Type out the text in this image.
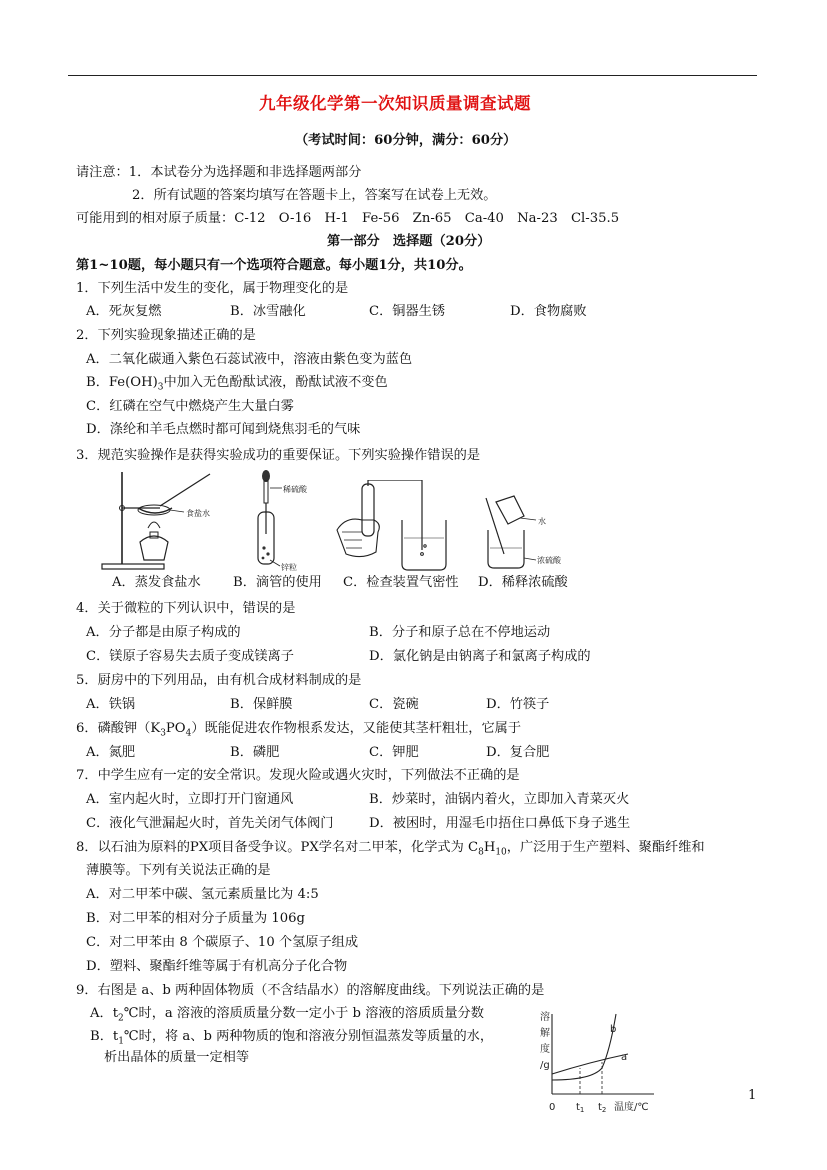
九年级化学第一次知识质量调查试题
（考试时间：60分钟，满分：60分）
请注意：1．本试卷分为选择题和非选择题两部分
2．所有试题的答案均填写在答题卡上，答案写在试卷上无效。
可能用到的相对原子质量：C-12　O-16　H-1　Fe-56　Zn-65　Ca-40　Na-23　Cl-35.5
第一部分　选择题（20分）
第1~10题，每小题只有一个选项符合题意。每小题1分，共10分。
1．下列生活中发生的变化，属于物理变化的是
A．死灰复燃	B．冰雪融化	C．铜器生锈	D．食物腐败
2．下列实验现象描述正确的是
A．二氧化碳通入紫色石蕊试液中，溶液由紫色变为蓝色
B．$Fe(OH)_3$中加入无色酚酞试液，酚酞试液不变色
C．红磷在空气中燃烧产生大量白雾
D．涤纶和羊毛点燃时都可闻到烧焦羽毛的气味
3．规范实验操作是获得实验成功的重要保证。下列实验操作错误的是
食盐水
稀硫酸
锌粒
水
浓硫酸
A．蒸发食盐水 B．滴管的使用 C．检查装置气密性 D．稀释浓硫酸
4．关于微粒的下列认识中，错误的是
A．分子都是由原子构成的	B．分子和原子总在不停地运动
C．镁原子容易失去质子变成镁离子	D．氯化钠是由钠离子和氯离子构成的
5．厨房中的下列用品，由有机合成材料制成的是
A．铁锅	B．保鲜膜	C．瓷碗	D．竹筷子
6．磷酸钾$(K_3PO_4)$既能促进农作物根系发达，又能使其茎杆粗壮，它属于
A．氮肥	B．磷肥	C．钾肥	D．复合肥
7．中学生应有一定的安全常识。发现火险或遇火灾时，下列做法不正确的是
A．室内起火时，立即打开门窗通风	B．炒菜时，油锅内着火，立即加入青菜灭火
C．液化气泄漏起火时，首先关闭气体阀门	D．被困时，用湿毛巾捂住口鼻低下身子逃生
8．以石油为原料的PX项目备受争议。PX学名对二甲苯，化学式为 $C_8H_{10}$，广泛用于生产塑料、聚酯纤维和
薄膜等。下列有关说法正确的是
A．对二甲苯中碳、氢元素质量比为 4:5
B．对二甲苯的相对分子质量为 106g
C．对二甲苯由 8 个碳原子、10 个氢原子组成
D．塑料、聚酯纤维等属于有机高分子化合物
9．右图是 a、b 两种固体物质（不含结晶水）的溶解度曲线。下列说法正确的是
A．$t_2℃$时，a 溶液的溶质质量分数一定小于 b 溶液的溶质质量分数
B．$t_1℃$时，将 a、b 两种物质的饱和溶液分别恒温蒸发等质量的水，
析出晶体的质量一定相等
溶
解
度
/g
a
b
0 $t_1$ $t_2$ 温度/℃
1
